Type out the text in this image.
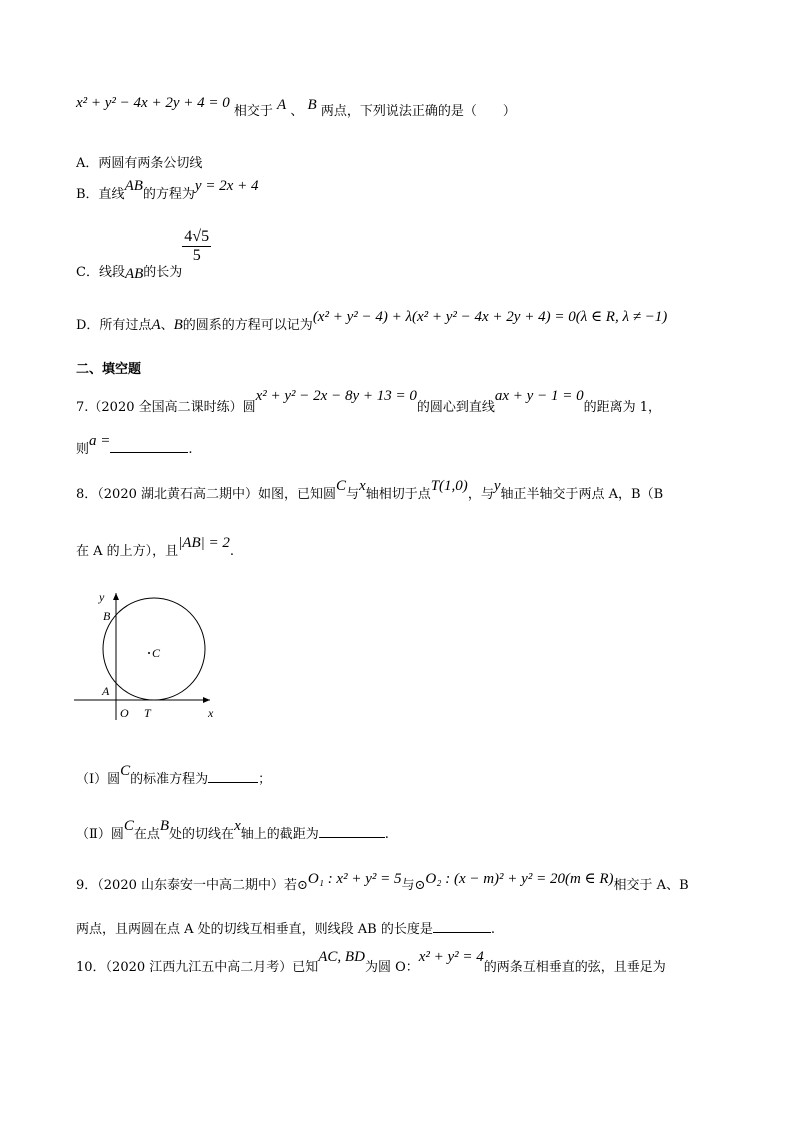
x² + y² − 4x + 2y + 4 = 0 相交于 A 、 B 两点，下列说法正确的是（　　）
A．两圆有两条公切线
B．直线AB的方程为y = 2x + 4
C．线段AB的长为
$\frac{4√5}{5}$
D．所有过点A、B的圆系的方程可以记为(x² + y² − 4) + λ(x² + y² − 4x + 2y + 4) = 0(λ ∈ R, λ ≠ −1)
二、填空题
7.（2020 全国高二课时练）圆x² + y² − 2x − 8y + 13 = 0的圆心到直线ax + y − 1 = 0的距离为 1，
则a =.
8．（2020 湖北黄石高二期中）如图，已知圆C与x轴相切于点T(1,0)，与y轴正半轴交于两点 A，B（B
在 A 的上方），且|AB| = 2.
y
B
C
A
O T	x
（Ⅰ）圆C的标准方程为	；
（Ⅱ）圆C在点B处的切线在x轴上的截距为	.
9．（2020 山东泰安一中高二期中）若⊙O₁ : x² + y² = 5与⊙O₂ : (x − m)² + y² = 20(m ∈ R)相交于 A、B
两点，且两圆在点 A 处的切线互相垂直，则线段 AB 的长度是	.
10．（2020 江西九江五中高二月考）已知AC, BD为圆 O：x² + y² = 4的两条互相垂直的弦，且垂足为
